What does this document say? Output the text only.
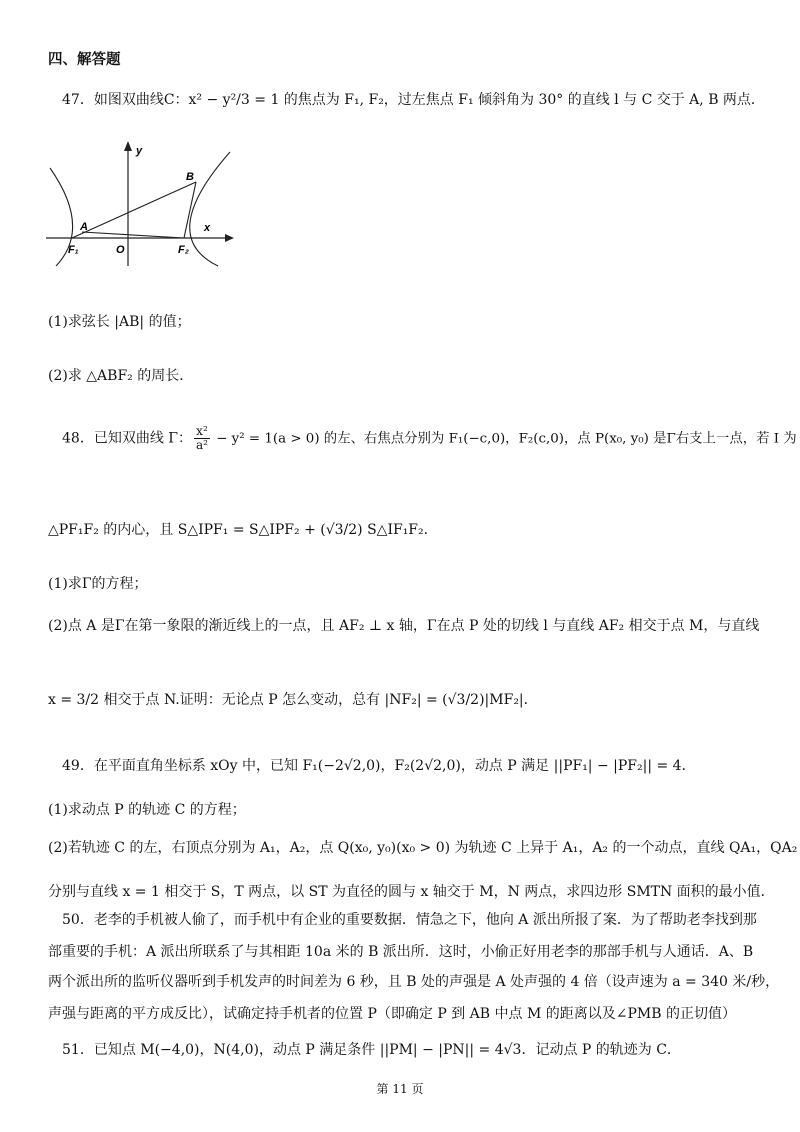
四、解答题
47．如图双曲线C：x² − y²/3 = 1 的焦点为 F₁, F₂，过左焦点 F₁ 倾斜角为 30° 的直线 l 与 C 交于 A, B 两点．
y
x
A
B
F₁	O	F₂
(1)求弦长 |AB| 的值；
(2)求 △ABF₂ 的周长．
48．已知双曲线 Γ： $\frac{\text{x²}}{\text{a²}} - y^2 = 1(a > 0)$ 的左、右焦点分别为 F₁(−c,0)，F₂(c,0)，点 P(x₀, y₀) 是Γ右支上一点，若 I 为
△PF₁F₂ 的内心，且 S△IPF₁ = S△IPF₂ + (√3/2) S△IF₁F₂．
(1)求Γ的方程；
(2)点 A 是Γ在第一象限的渐近线上的一点，且 AF₂ ⊥ x 轴，Γ在点 P 处的切线 l 与直线 AF₂ 相交于点 M，与直线
x = 3/2 相交于点 N.证明：无论点 P 怎么变动，总有 |NF₂| = (√3/2)|MF₂|．
49．在平面直角坐标系 xOy 中，已知 F₁(−2√2,0)，F₂(2√2,0)，动点 P 满足 ||PF₁| − |PF₂|| = 4．
(1)求动点 P 的轨迹 C 的方程；
(2)若轨迹 C 的左，右顶点分别为 A₁，A₂，点 Q(x₀, y₀)(x₀ > 0) 为轨迹 C 上异于 A₁，A₂ 的一个动点，直线 QA₁，QA₂
分别与直线 x = 1 相交于 S，T 两点，以 ST 为直径的圆与 x 轴交于 M，N 两点，求四边形 SMTN 面积的最小值．
50．老李的手机被人偷了，而手机中有企业的重要数据．情急之下，他向 A 派出所报了案．为了帮助老李找到那
部重要的手机：A 派出所联系了与其相距 10a 米的 B 派出所．这时，小偷正好用老李的那部手机与人通话．A、B
两个派出所的监听仪器听到手机发声的时间差为 6 秒，且 B 处的声强是 A 处声强的 4 倍（设声速为 a = 340 米/秒，
声强与距离的平方成反比），试确定持手机者的位置 P（即确定 P 到 AB 中点 M 的距离以及∠PMB 的正切值）
51．已知点 M(−4,0)，N(4,0)，动点 P 满足条件 ||PM| − |PN|| = 4√3．记动点 P 的轨迹为 C．
第 11 页
